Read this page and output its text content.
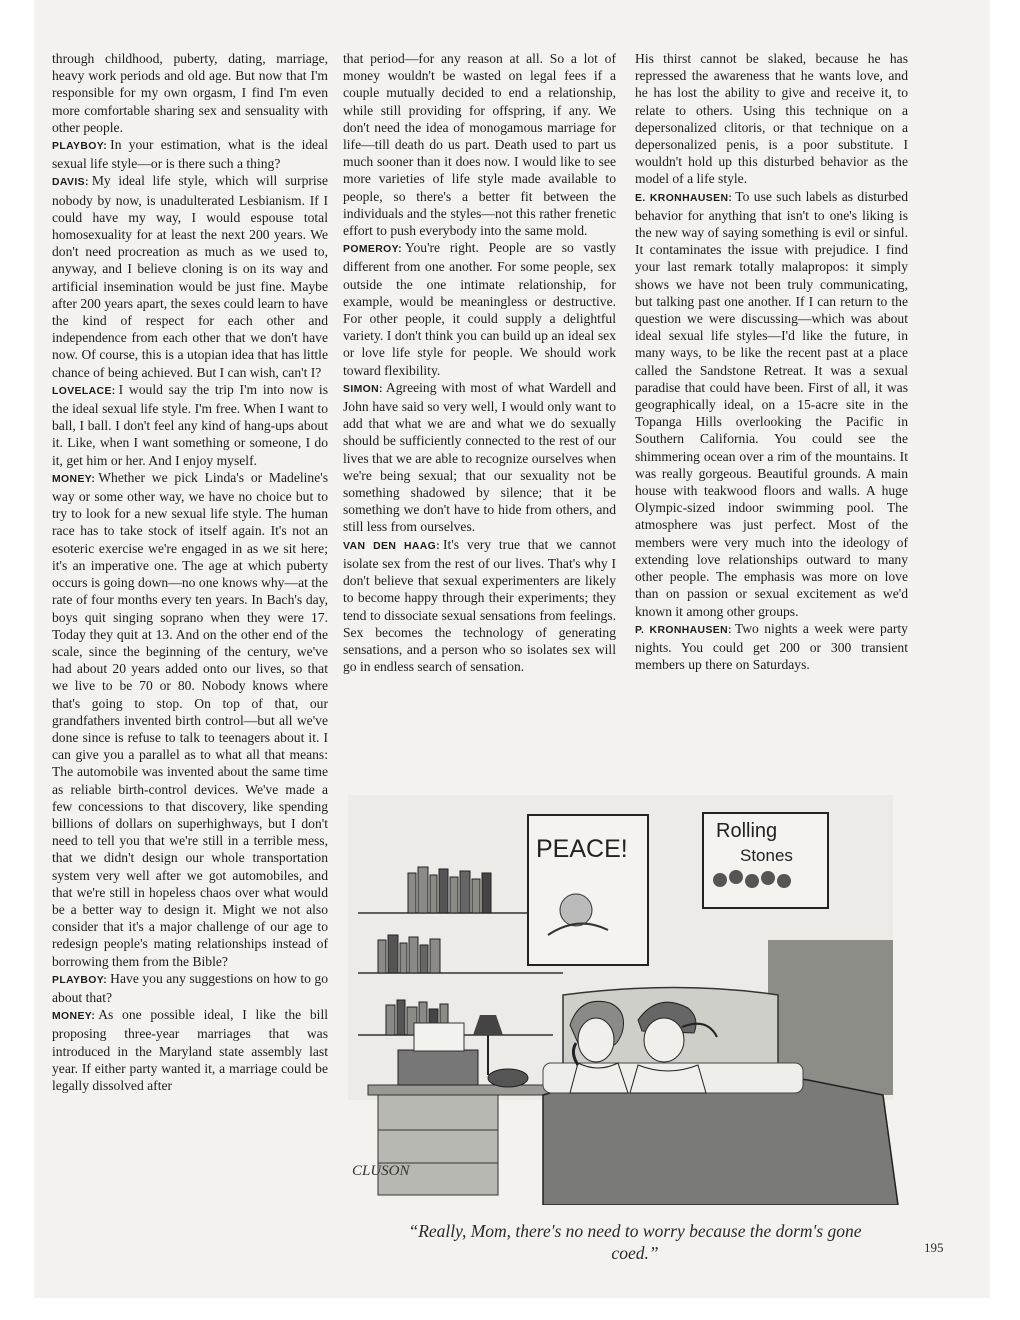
through childhood, puberty, dating, marriage, heavy work periods and old age. But now that I'm responsible for my own orgasm, I find I'm even more comfortable sharing sex and sensuality with other people.

PLAYBOY: In your estimation, what is the ideal sexual life style—or is there such a thing?

DAVIS: My ideal life style, which will surprise nobody by now, is unadulterated Lesbianism. If I could have my way, I would espouse total homosexuality for at least the next 200 years. We don't need procreation as much as we used to, anyway, and I believe cloning is on its way and artificial insemination would be just fine. Maybe after 200 years apart, the sexes could learn to have the kind of respect for each other and independence from each other that we don't have now. Of course, this is a utopian idea that has little chance of being achieved. But I can wish, can't I?

LOVELACE: I would say the trip I'm into now is the ideal sexual life style. I'm free. When I want to ball, I ball. I don't feel any kind of hang-ups about it. Like, when I want something or someone, I do it, get him or her. And I enjoy myself.

MONEY: Whether we pick Linda's or Madeline's way or some other way, we have no choice but to try to look for a new sexual life style. The human race has to take stock of itself again. It's not an esoteric exercise we're engaged in as we sit here; it's an imperative one. The age at which puberty occurs is going down—no one knows why—at the rate of four months every ten years. In Bach's day, boys quit singing soprano when they were 17. Today they quit at 13. And on the other end of the scale, since the beginning of the century, we've had about 20 years added onto our lives, so that we live to be 70 or 80. Nobody knows where that's going to stop. On top of that, our grandfathers invented birth control—but all we've done since is refuse to talk to teenagers about it. I can give you a parallel as to what all that means: The automobile was invented about the same time as reliable birth-control devices. We've made a few concessions to that discovery, like spending billions of dollars on superhighways, but I don't need to tell you that we're still in a terrible mess, that we didn't design our whole transportation system very well after we got automobiles, and that we're still in hopeless chaos over what would be a better way to design it. Might we not also consider that it's a major challenge of our age to redesign people's mating relationships instead of borrowing them from the Bible?

PLAYBOY: Have you any suggestions on how to go about that?

MONEY: As one possible ideal, I like the bill proposing three-year marriages that was introduced in the Maryland state assembly last year. If either party wanted it, a marriage could be legally dissolved after

that period—for any reason at all. So a lot of money wouldn't be wasted on legal fees if a couple mutually decided to end a relationship, while still providing for offspring, if any. We don't need the idea of monogamous marriage for life—till death do us part. Death used to part us much sooner than it does now. I would like to see more varieties of life style made available to people, so there's a better fit between the individuals and the styles—not this rather frenetic effort to push everybody into the same mold.

POMEROY: You're right. People are so vastly different from one another. For some people, sex outside the one intimate relationship, for example, would be meaningless or destructive. For other people, it could supply a delightful variety. I don't think you can build up an ideal sex or love life style for people. We should work toward flexibility.

SIMON: Agreeing with most of what Wardell and John have said so very well, I would only want to add that what we are and what we do sexually should be sufficiently connected to the rest of our lives that we are able to recognize ourselves when we're being sexual; that our sexuality not be something shadowed by silence; that it be something we don't have to hide from others, and still less from ourselves.

VAN DEN HAAG: It's very true that we cannot isolate sex from the rest of our lives. That's why I don't believe that sexual experimenters are likely to become happy through their experiments; they tend to dissociate sexual sensations from feelings. Sex becomes the technology of generating sensations, and a person who so isolates sex will go in endless search of sensation.

His thirst cannot be slaked, because he has repressed the awareness that he wants love, and he has lost the ability to give and receive it, to relate to others. Using this technique on a depersonalized clitoris, or that technique on a depersonalized penis, is a poor substitute. I wouldn't hold up this disturbed behavior as the model of a life style.

E. KRONHAUSEN: To use such labels as disturbed behavior for anything that isn't to one's liking is the new way of saying something is evil or sinful. It contaminates the issue with prejudice. I find your last remark totally malapropos: it simply shows we have not been truly communicating, but talking past one another. If I can return to the question we were discussing—which was about ideal sexual life styles—I'd like the future, in many ways, to be like the recent past at a place called the Sandstone Retreat. It was a sexual paradise that could have been. First of all, it was geographically ideal, on a 15-acre site in the Topanga Hills overlooking the Pacific in Southern California. You could see the shimmering ocean over a rim of the mountains. It was really gorgeous. Beautiful grounds. A main house with teakwood floors and walls. A huge Olympic-sized indoor swimming pool. The atmosphere was just perfect. Most of the members were very much into the ideology of extending love relationships outward to many other people. The emphasis was more on love than on passion or sexual excitement as we'd known it among other groups.

P. KRONHAUSEN: Two nights a week were party nights. You could get 200 or 300 transient members up there on Saturdays.

PEACE!
Rolling
Stones
CLUSON
“Really, Mom, there's no need to worry because the dorm's gone coed.”	195
